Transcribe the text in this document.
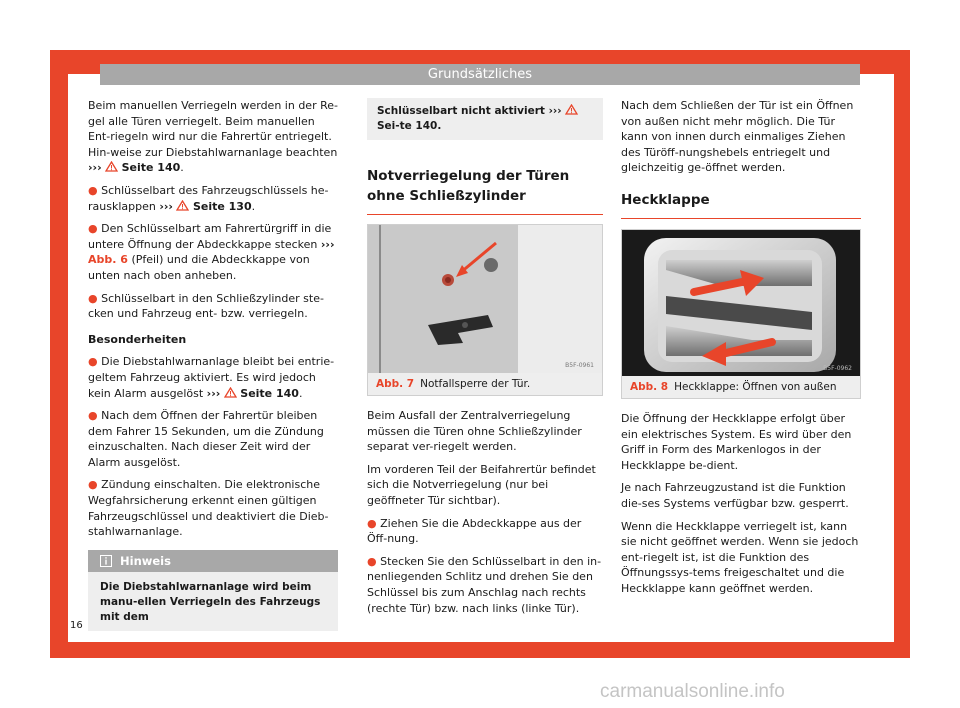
Grundsätzliches

Beim manuellen Verriegeln werden in der Re-gel alle Türen verriegelt. Beim manuellen Ent-riegeln wird nur die Fahrertür entriegelt. Hin-weise zur Diebstahlwarnanlage beachten ››› Seite 140.

● Schlüsselbart des Fahrzeugschlüssels he-rausklappen ››› Seite 130.

● Den Schlüsselbart am Fahrertürgriff in die untere Öffnung der Abdeckkappe stecken ››› Abb. 6 (Pfeil) und die Abdeckkappe von unten nach oben anheben.

● Schlüsselbart in den Schließzylinder ste-cken und Fahrzeug ent- bzw. verriegeln.

Besonderheiten

● Die Diebstahlwarnanlage bleibt bei entrie-geltem Fahrzeug aktiviert. Es wird jedoch kein Alarm ausgelöst ››› Seite 140.

● Nach dem Öffnen der Fahrertür bleiben dem Fahrer 15 Sekunden, um die Zündung einzuschalten. Nach dieser Zeit wird der Alarm ausgelöst.

● Zündung einschalten. Die elektronische Wegfahrsicherung erkennt einen gültigen Fahrzeugschlüssel und deaktiviert die Dieb-stahlwarnanlage.

Hinweis
Die Diebstahlwarnanlage wird beim manu-ellen Verriegeln des Fahrzeugs mit dem
Schlüsselbart nicht aktiviert ›››  Sei-te 140.
Notverriegelung der Türen ohne Schließzylinder
B5F-0961
Abb. 7 Notfallsperre der Tür.

Beim Ausfall der Zentralverriegelung müssen die Türen ohne Schließzylinder separat ver-riegelt werden.

Im vorderen Teil der Beifahrertür befindet sich die Notverriegelung (nur bei geöffneter Tür sichtbar).

● Ziehen Sie die Abdeckkappe aus der Öff-nung.

● Stecken Sie den Schlüsselbart in den in-nenliegenden Schlitz und drehen Sie den Schlüssel bis zum Anschlag nach rechts (rechte Tür) bzw. nach links (linke Tür).

Nach dem Schließen der Tür ist ein Öffnen von außen nicht mehr möglich. Die Tür kann von innen durch einmaliges Ziehen des Türöff-nungshebels entriegelt und gleichzeitig ge-öffnet werden.

Heckklappe
B5F-0962
Abb. 8 Heckklappe: Öffnen von außen

Die Öffnung der Heckklappe erfolgt über ein elektrisches System. Es wird über den Griff in Form des Markenlogos in der Heckklappe be-dient.

Je nach Fahrzeugzustand ist die Funktion die-ses Systems verfügbar bzw. gesperrt.

Wenn die Heckklappe verriegelt ist, kann sie nicht geöffnet werden. Wenn sie jedoch ent-riegelt ist, ist die Funktion des Öffnungssys-tems freigeschaltet und die Heckklappe kann geöffnet werden.

16
carmanualsonline.info
